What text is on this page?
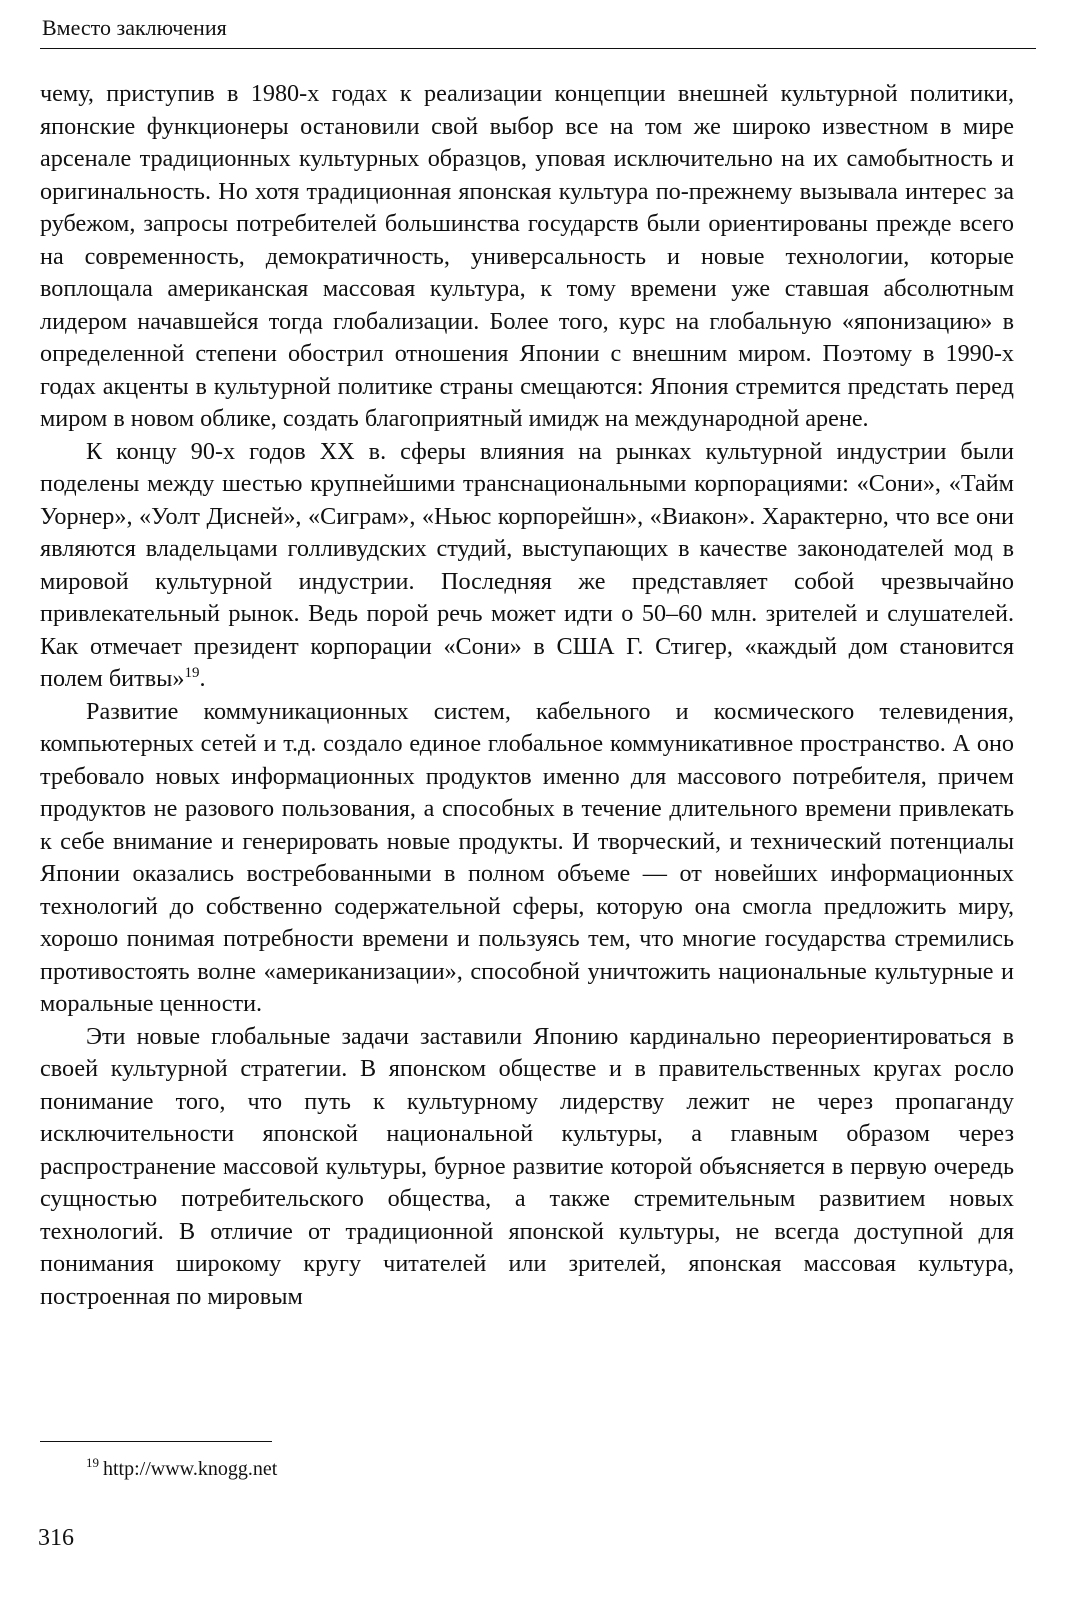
Вместо заключения

чему, приступив в 1980-х годах к реализации концепции внешней культурной политики, японские функционеры остановили свой выбор все на том же широко известном в мире арсенале традиционных культурных образцов, уповая исключительно на их самобытность и оригинальность. Но хотя традиционная японская культура по-прежнему вызывала интерес за рубежом, запросы потребителей большинства государств были ориентированы прежде всего на современность, демократичность, универсальность и новые технологии, которые воплощала американская массовая культура, к тому времени уже ставшая абсолютным лидером начавшейся тогда глобализации. Более того, курс на глобальную «японизацию» в определенной степени обострил отношения Японии с внешним миром. Поэтому в 1990-х годах акценты в культурной политике страны смещаются: Япония стремится предстать перед миром в новом облике, создать благоприятный имидж на международной арене.

К концу 90-х годов XX в. сферы влияния на рынках культурной индустрии были поделены между шестью крупнейшими транснациональными корпорациями: «Сони», «Тайм Уорнер», «Уолт Дисней», «Сиграм», «Ньюс корпорейшн», «Виакон». Характерно, что все они являются владельцами голливудских студий, выступающих в качестве законодателей мод в мировой культурной индустрии. Последняя же представляет собой чрезвычайно привлекательный рынок. Ведь порой речь может идти о 50–60 млн. зрителей и слушателей. Как отмечает президент корпорации «Сони» в США Г. Стигер, «каждый дом становится полем битвы»$^{19}$.

Развитие коммуникационных систем, кабельного и космического телевидения, компьютерных сетей и т.д. создало единое глобальное коммуникативное пространство. А оно требовало новых информационных продуктов именно для массового потребителя, причем продуктов не разового пользования, а способных в течение длительного времени привлекать к себе внимание и генерировать новые продукты. И творческий, и технический потенциалы Японии оказались востребованными в полном объеме — от новейших информационных технологий до собственно содержательной сферы, которую она смогла предложить миру, хорошо понимая потребности времени и пользуясь тем, что многие государства стремились противостоять волне «американизации», способной уничтожить национальные культурные и моральные ценности.

Эти новые глобальные задачи заставили Японию кардинально переориентироваться в своей культурной стратегии. В японском обществе и в правительственных кругах росло понимание того, что путь к культурному лидерству лежит не через пропаганду исключительности японской национальной культуры, а главным образом через распространение массовой культуры, бурное развитие которой объясняется в первую очередь сущностью потребительского общества, а также стремительным развитием новых технологий. В отличие от традиционной японской культуры, не всегда доступной для понимания широкому кругу читателей или зрителей, японская массовая культура, построенная по мировым

$^{19}$ http://www.knogg.net
316
